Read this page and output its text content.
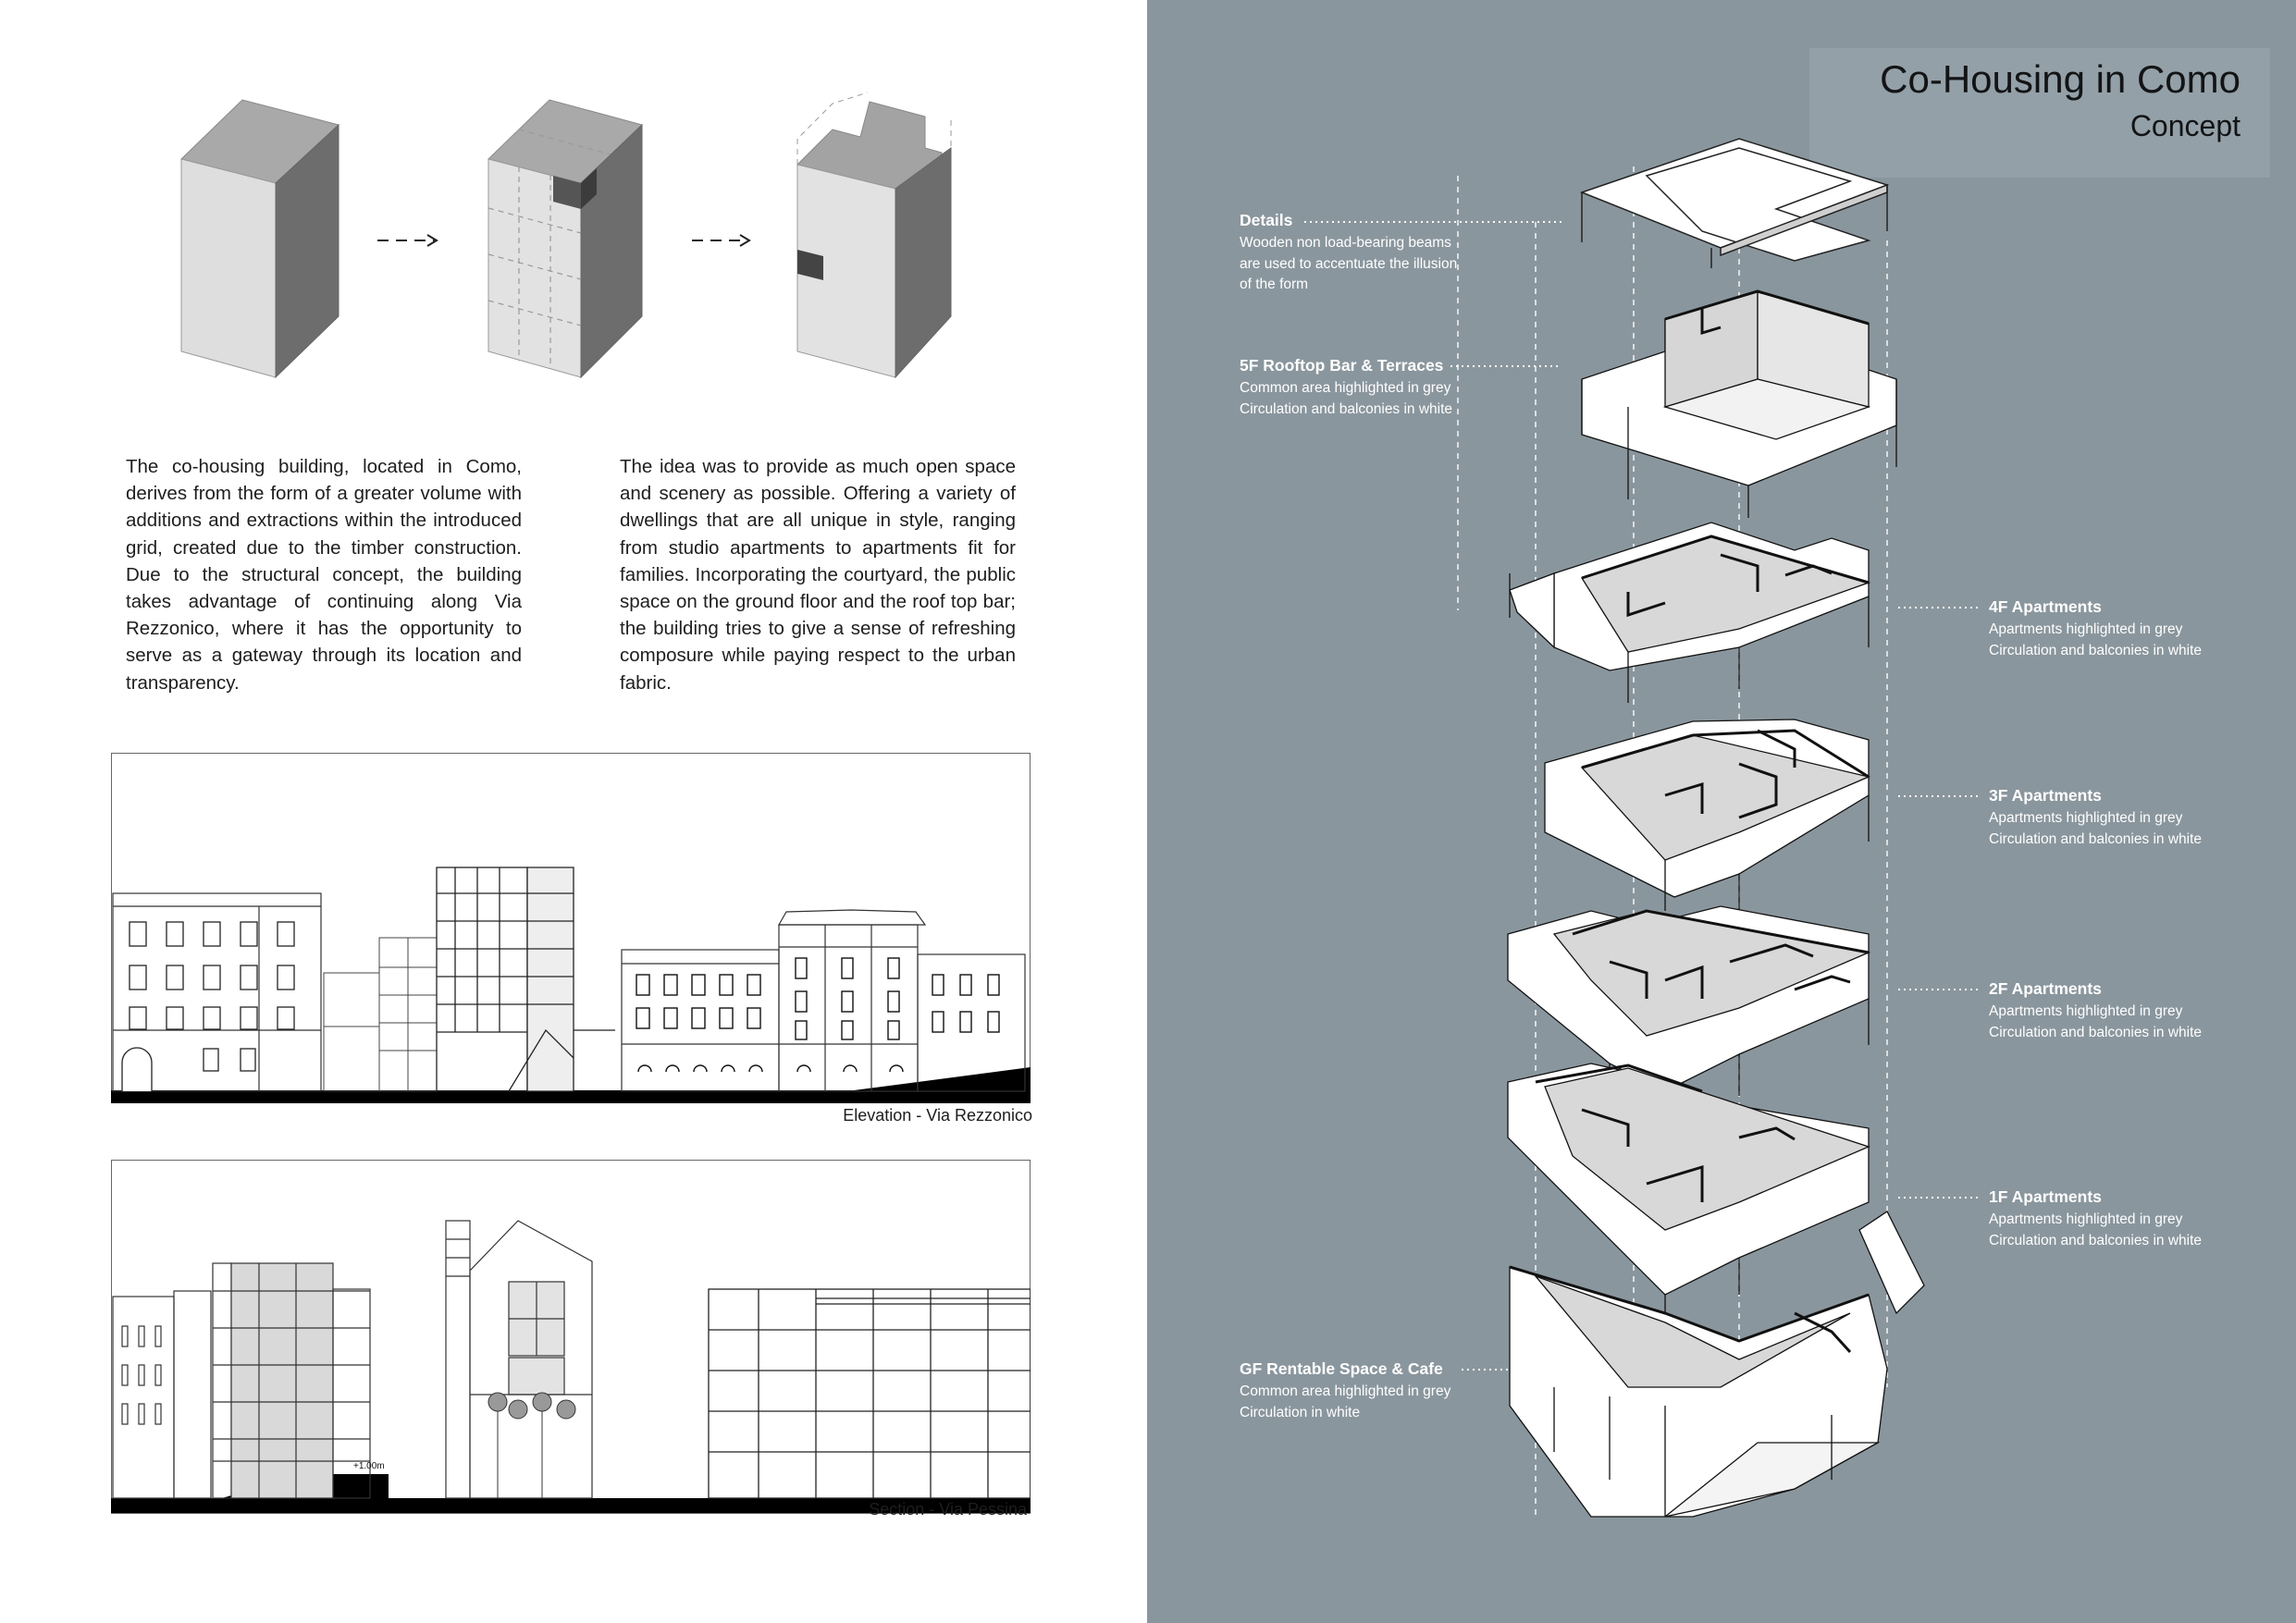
The co-housing building, located in Como, derives from the form of a greater volume with additions and extractions within the introduced grid, created due to the timber construction. Due to the structural concept, the building takes advantage of continuing along Via Rezzonico, where it has the opportunity to serve as a gateway through its location and transparency.

The idea was to provide as much open space and scenery as possible. Offering a variety of dwellings that are all unique in style, ranging from studio apartments to apartments fit for families. Incorporating the courtyard, the public space on the ground floor and the roof top bar; the building tries to give a sense of refreshing composure while paying respect to the urban fabric.

Elevation - Via Rezzonico
+1.00m
Section - Via Pessina
Co-Housing in Como
Concept
Details
Wooden non load-bearing beams
are used to accentuate the illusion
of the form
5F Rooftop Bar & Terraces
Common area highlighted in grey
Circulation and balconies in white
4F Apartments
Apartments highlighted in grey
Circulation and balconies in white
3F Apartments
Apartments highlighted in grey
Circulation and balconies in white
2F Apartments
Apartments highlighted in grey
Circulation and balconies in white
1F Apartments
Apartments highlighted in grey
Circulation and balconies in white
GF Rentable Space & Cafe
Common area highlighted in grey
Circulation in white
